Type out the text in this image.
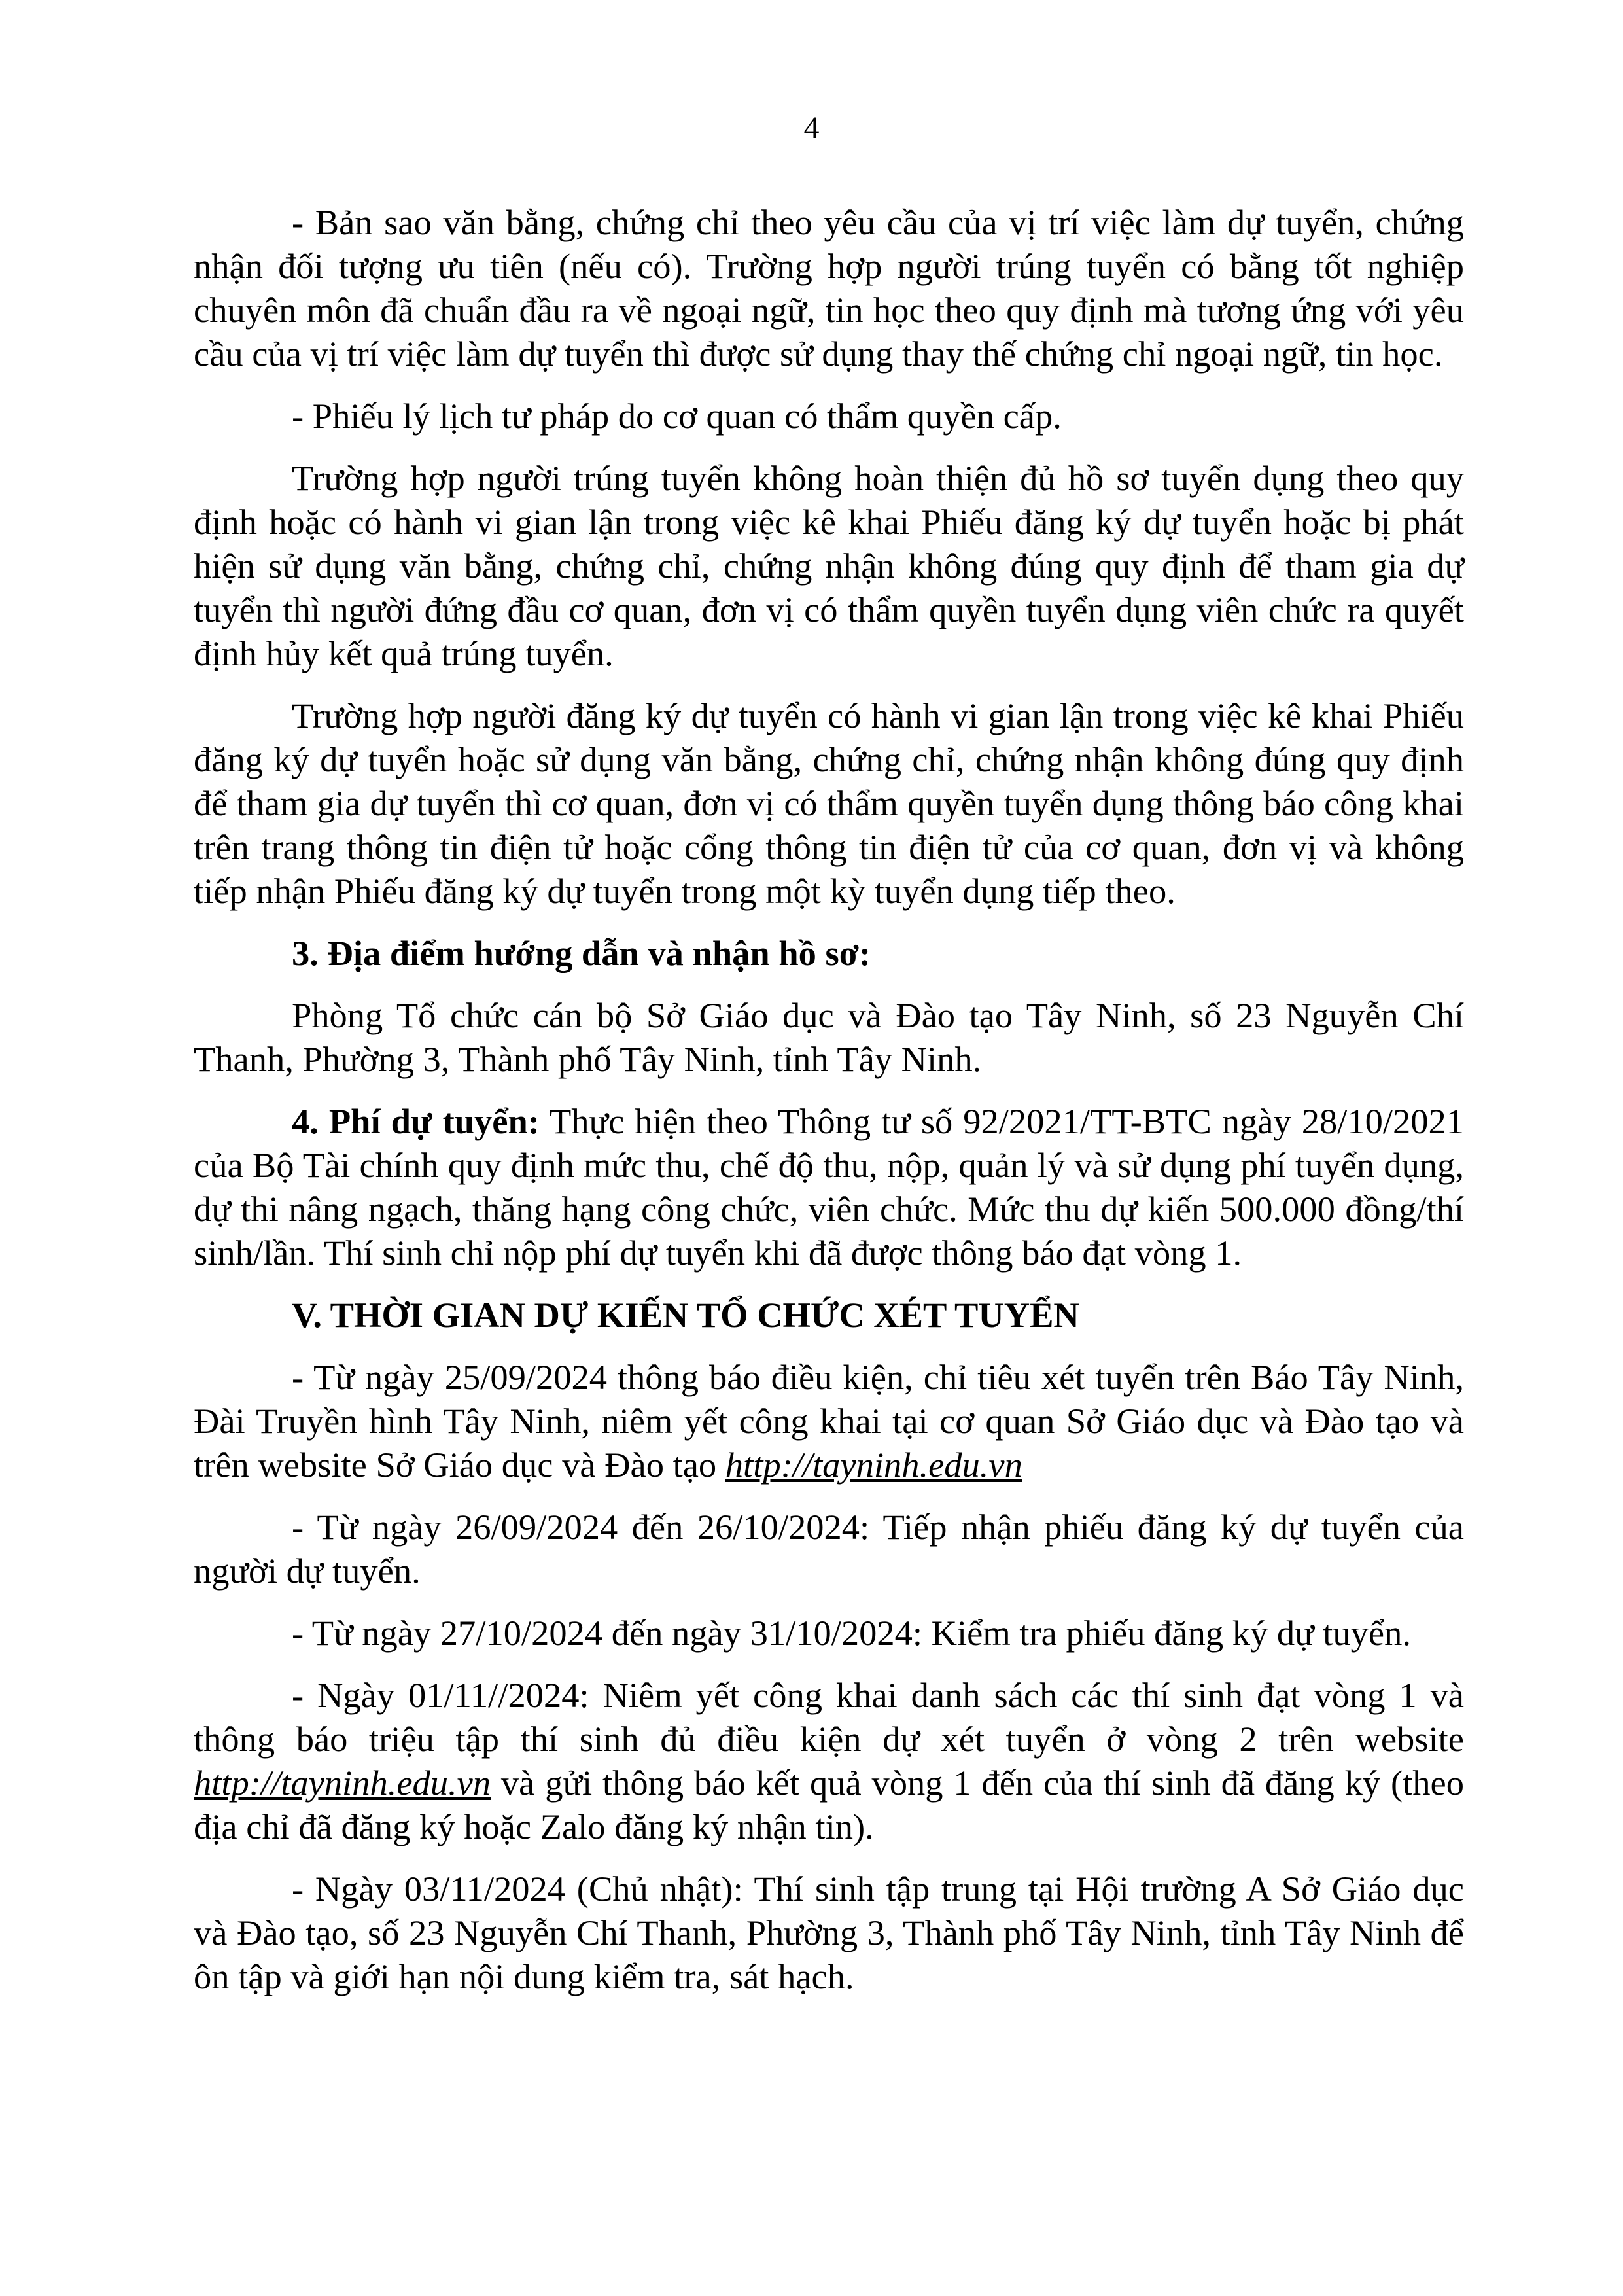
4

- Bản sao văn bằng, chứng chỉ theo yêu cầu của vị trí việc làm dự tuyển, chứng nhận đối tượng ưu tiên (nếu có). Trường hợp người trúng tuyển có bằng tốt nghiệp chuyên môn đã chuẩn đầu ra về ngoại ngữ, tin học theo quy định mà tương ứng với yêu cầu của vị trí việc làm dự tuyển thì được sử dụng thay thế chứng chỉ ngoại ngữ, tin học.

- Phiếu lý lịch tư pháp do cơ quan có thẩm quyền cấp.

Trường hợp người trúng tuyển không hoàn thiện đủ hồ sơ tuyển dụng theo quy định hoặc có hành vi gian lận trong việc kê khai Phiếu đăng ký dự tuyển hoặc bị phát hiện sử dụng văn bằng, chứng chỉ, chứng nhận không đúng quy định để tham gia dự tuyển thì người đứng đầu cơ quan, đơn vị có thẩm quyền tuyển dụng viên chức ra quyết định hủy kết quả trúng tuyển.

Trường hợp người đăng ký dự tuyển có hành vi gian lận trong việc kê khai Phiếu đăng ký dự tuyển hoặc sử dụng văn bằng, chứng chỉ, chứng nhận không đúng quy định để tham gia dự tuyển thì cơ quan, đơn vị có thẩm quyền tuyển dụng thông báo công khai trên trang thông tin điện tử hoặc cổng thông tin điện tử của cơ quan, đơn vị và không tiếp nhận Phiếu đăng ký dự tuyển trong một kỳ tuyển dụng tiếp theo.

3. Địa điểm hướng dẫn và nhận hồ sơ:

Phòng Tổ chức cán bộ Sở Giáo dục và Đào tạo Tây Ninh, số 23 Nguyễn Chí Thanh, Phường 3, Thành phố Tây Ninh, tỉnh Tây Ninh.

4. Phí dự tuyển: Thực hiện theo Thông tư số 92/2021/TT-BTC ngày 28/10/2021 của Bộ Tài chính quy định mức thu, chế độ thu, nộp, quản lý và sử dụng phí tuyển dụng, dự thi nâng ngạch, thăng hạng công chức, viên chức. Mức thu dự kiến 500.000 đồng/thí sinh/lần. Thí sinh chỉ nộp phí dự tuyển khi đã được thông báo đạt vòng 1.

V. THỜI GIAN DỰ KIẾN TỔ CHỨC XÉT TUYỂN

- Từ ngày 25/09/2024 thông báo điều kiện, chỉ tiêu xét tuyển trên Báo Tây Ninh, Đài Truyền hình Tây Ninh, niêm yết công khai tại cơ quan Sở Giáo dục và Đào tạo và trên website Sở Giáo dục và Đào tạo http://tayninh.edu.vn

- Từ ngày 26/09/2024 đến 26/10/2024: Tiếp nhận phiếu đăng ký dự tuyển của người dự tuyển.

- Từ ngày 27/10/2024 đến ngày 31/10/2024: Kiểm tra phiếu đăng ký dự tuyển.

- Ngày 01/11//2024: Niêm yết công khai danh sách các thí sinh đạt vòng 1 và thông báo triệu tập thí sinh đủ điều kiện dự xét tuyển ở vòng 2 trên website http://tayninh.edu.vn và gửi thông báo kết quả vòng 1 đến của thí sinh đã đăng ký (theo địa chỉ đã đăng ký hoặc Zalo đăng ký nhận tin).

- Ngày 03/11/2024 (Chủ nhật): Thí sinh tập trung tại Hội trường A Sở Giáo dục và Đào tạo, số 23 Nguyễn Chí Thanh, Phường 3, Thành phố Tây Ninh, tỉnh Tây Ninh để ôn tập và giới hạn nội dung kiểm tra, sát hạch.
